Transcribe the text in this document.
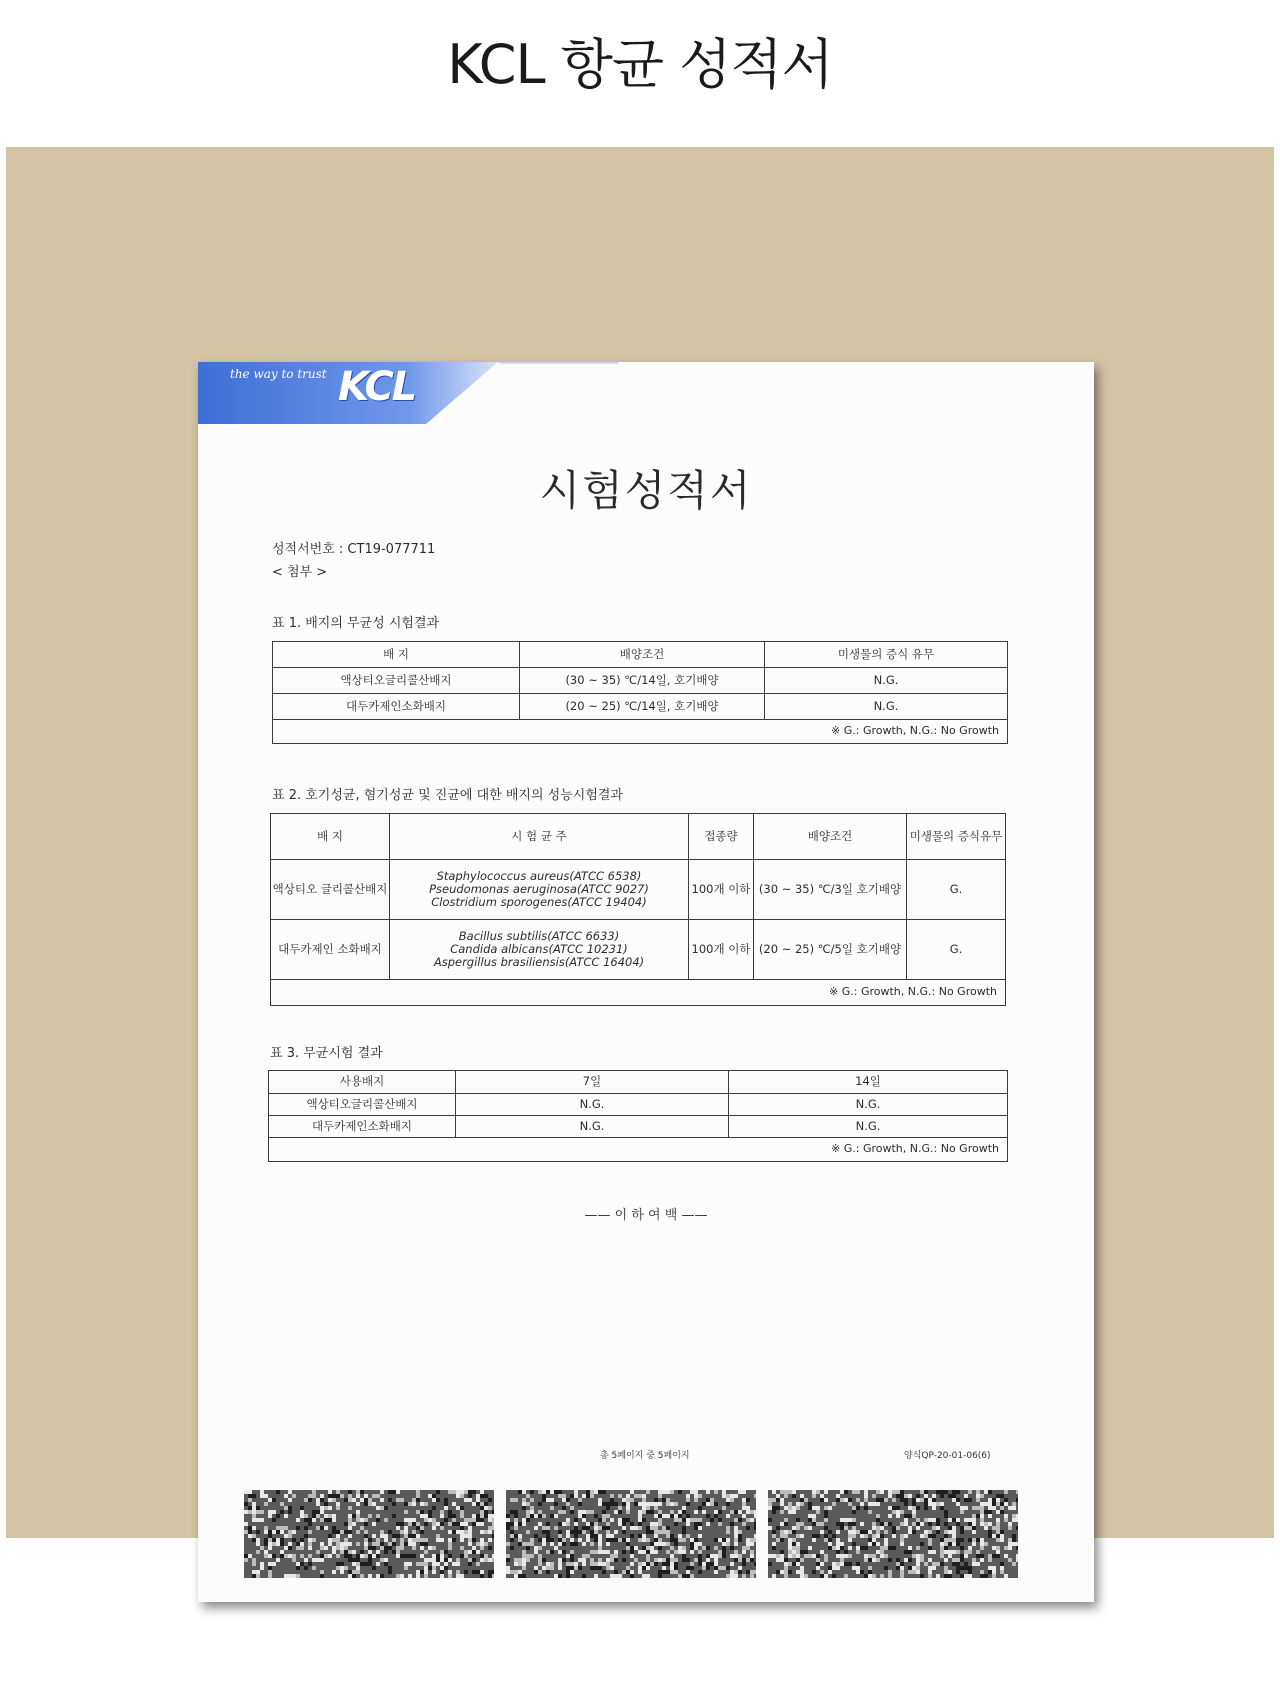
KCL 항균 성적서
the way to trust KCL
시험성적서
성적서번호 : CT19-077711
< 첨부 >
표 1. 배지의 무균성 시험결과
배 지	배양조건	미생물의 증식 유무
액상티오글리콜산배지	(30 ~ 35) ℃/14일, 호기배양	N.G.
대두카제인소화배지	(20 ~ 25) ℃/14일, 호기배양	N.G.
※ G.: Growth, N.G.: No Growth		
표 2. 호기성균, 혐기성균 및 진균에 대한 배지의 성능시험결과
배 지	시 험 균 주	접종량	배양조건	미생물의 증식유무
액상티오 글리콜산배지	Staphylococcus aureus(ATCC 6538)
Pseudomonas aeruginosa(ATCC 9027)
Clostridium sporogenes(ATCC 19404)	100개 이하	(30 ~ 35) ℃/3일 호기배양	G.
대두카제인 소화배지	Bacillus subtilis(ATCC 6633)
Candida albicans(ATCC 10231)
Aspergillus brasiliensis(ATCC 16404)	100개 이하	(20 ~ 25) ℃/5일 호기배양	G.
※ G.: Growth, N.G.: No Growth				
표 3. 무균시험 결과
사용배지	7일	14일
액상티오글리콜산배지	N.G.	N.G.
대두카제인소화배지	N.G.	N.G.
※ G.: Growth, N.G.: No Growth		
—— 이 하 여 백 ——
총 5페이지 중 5페이지	양식QP-20-01-06(6)
